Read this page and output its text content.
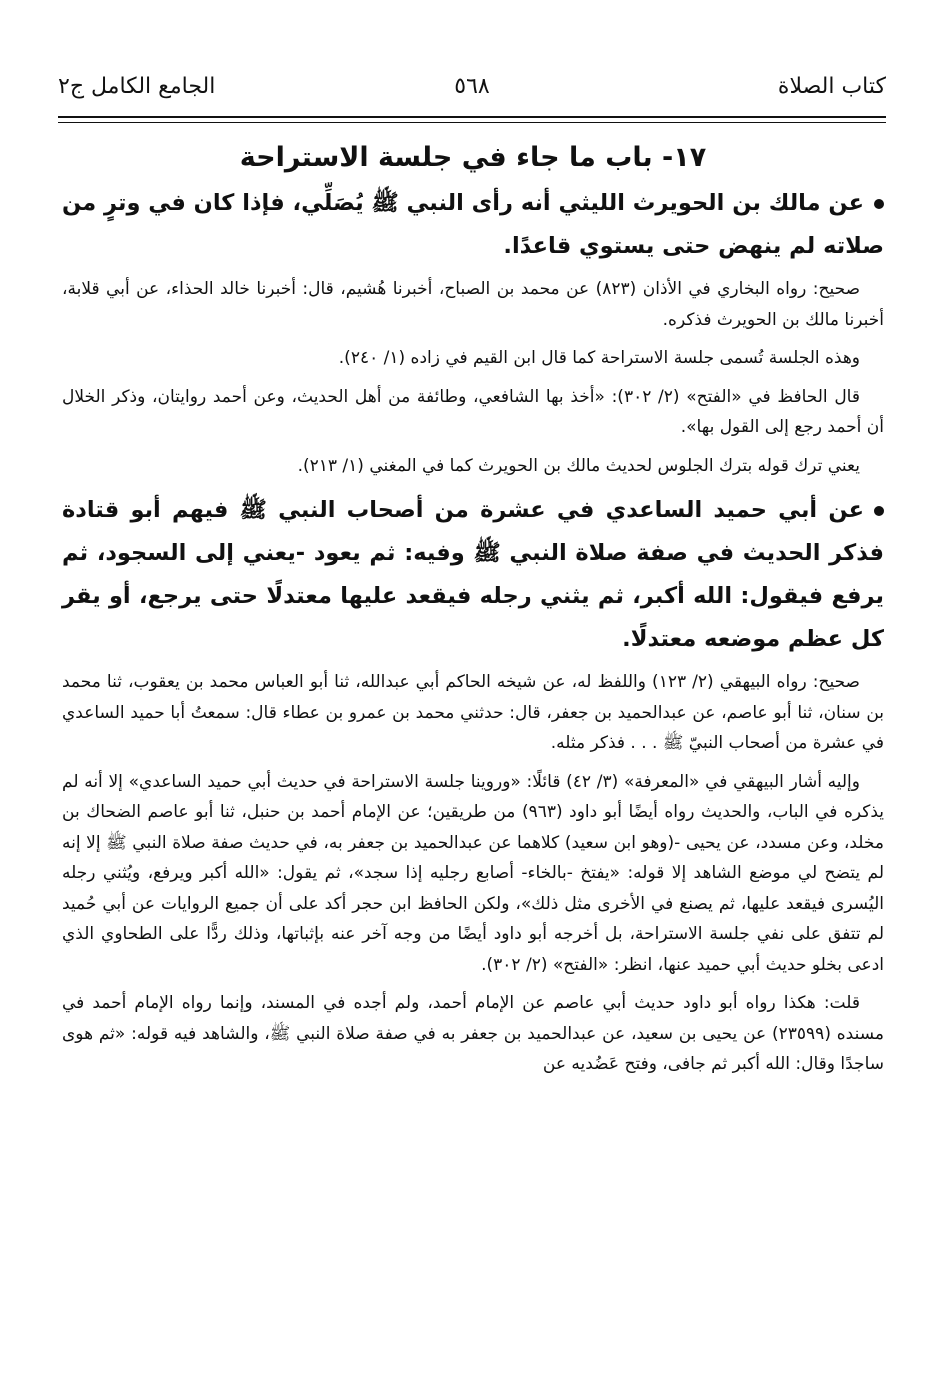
كتاب الصلاة
٥٦٨
الجامع الكامل ج٢
١٧- باب ما جاء في جلسة الاستراحة

عن مالك بن الحويرث الليثي أنه رأى النبي ﷺ يُصَلِّي، فإذا كان في وترٍ من صلاته لم ينهض حتى يستوي قاعدًا.

صحيح: رواه البخاري في الأذان (٨٢٣) عن محمد بن الصباح، أخبرنا هُشيم، قال: أخبرنا خالد الحذاء، عن أبي قلابة، أخبرنا مالك بن الحويرث فذكره.

وهذه الجلسة تُسمى جلسة الاستراحة كما قال ابن القيم في زاده (١/ ٢٤٠).

قال الحافظ في «الفتح» (٢/ ٣٠٢): «أخذ بها الشافعي، وطائفة من أهل الحديث، وعن أحمد روايتان، وذكر الخلال أن أحمد رجع إلى القول بها».

يعني ترك قوله بترك الجلوس لحديث مالك بن الحويرث كما في المغني (١/ ٢١٣).

عن أبي حميد الساعدي في عشرة من أصحاب النبي ﷺ فيهم أبو قتادة فذكر الحديث في صفة صلاة النبي ﷺ وفيه: ثم يعود -يعني إلى السجود، ثم يرفع فيقول: الله أكبر، ثم يثني رجله فيقعد عليها معتدلًا حتى يرجع، أو يقر كل عظم موضعه معتدلًا.

صحيح: رواه البيهقي (٢/ ١٢٣) واللفظ له، عن شيخه الحاكم أبي عبدالله، ثنا أبو العباس محمد بن يعقوب، ثنا محمد بن سنان، ثنا أبو عاصم، عن عبدالحميد بن جعفر، قال: حدثني محمد بن عمرو بن عطاء قال: سمعتُ أبا حميد الساعدي في عشرة من أصحاب النبيّ ﷺ . . . فذكر مثله.

وإليه أشار البيهقي في «المعرفة» (٣/ ٤٢) قائلًا: «وروينا جلسة الاستراحة في حديث أبي حميد الساعدي» إلا أنه لم يذكره في الباب، والحديث رواه أيضًا أبو داود (٩٦٣) من طريقين؛ عن الإمام أحمد بن حنبل، ثنا أبو عاصم الضحاك بن مخلد، وعن مسدد، عن يحيى -(وهو ابن سعيد) كلاهما عن عبدالحميد بن جعفر به، في حديث صفة صلاة النبي ﷺ إلا إنه لم يتضح لي موضع الشاهد إلا قوله: «يفتخ -بالخاء- أصابع رجليه إذا سجد»، ثم يقول: «الله أكبر ويرفع، ويُثني رجله اليُسرى فيقعد عليها، ثم يصنع في الأخرى مثل ذلك»، ولكن الحافظ ابن حجر أكد على أن جميع الروايات عن أبي حُميد لم تتفق على نفي جلسة الاستراحة، بل أخرجه أبو داود أيضًا من وجه آخر عنه بإثباتها، وذلك ردًّا على الطحاوي الذي ادعى بخلو حديث أبي حميد عنها، انظر: «الفتح» (٢/ ٣٠٢).

قلت: هكذا رواه أبو داود حديث أبي عاصم عن الإمام أحمد، ولم أجده في المسند، وإنما رواه الإمام أحمد في مسنده (٢٣٥٩٩) عن يحيى بن سعيد، عن عبدالحميد بن جعفر به في صفة صلاة النبي ﷺ، والشاهد فيه قوله: «ثم هوى ساجدًا وقال: الله أكبر ثم جافى، وفتح عَضُديه عن
